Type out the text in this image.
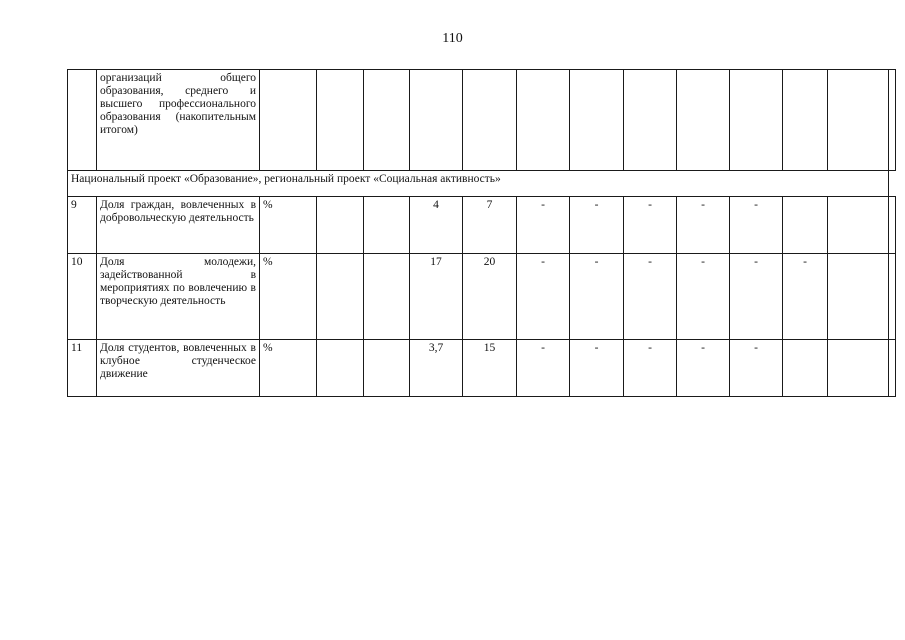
110
	организаций общего образования, среднего и высшего профессионального образования (накопительным итогом)													
Национальный проект «Образование», региональный проект «Социальная активность»														
9	Доля граждан, вовлеченных в добровольческую деятельность	%			4	7	-	-	-	-	-			
10	Доля молодежи, задействованной в мероприятиях по вовлечению в творческую деятельность	%			17	20	-	-	-	-	-	-		
11	Доля студентов, вовлеченных в клубное студенческое движение	%			3,7	15	-	-	-	-	-			
